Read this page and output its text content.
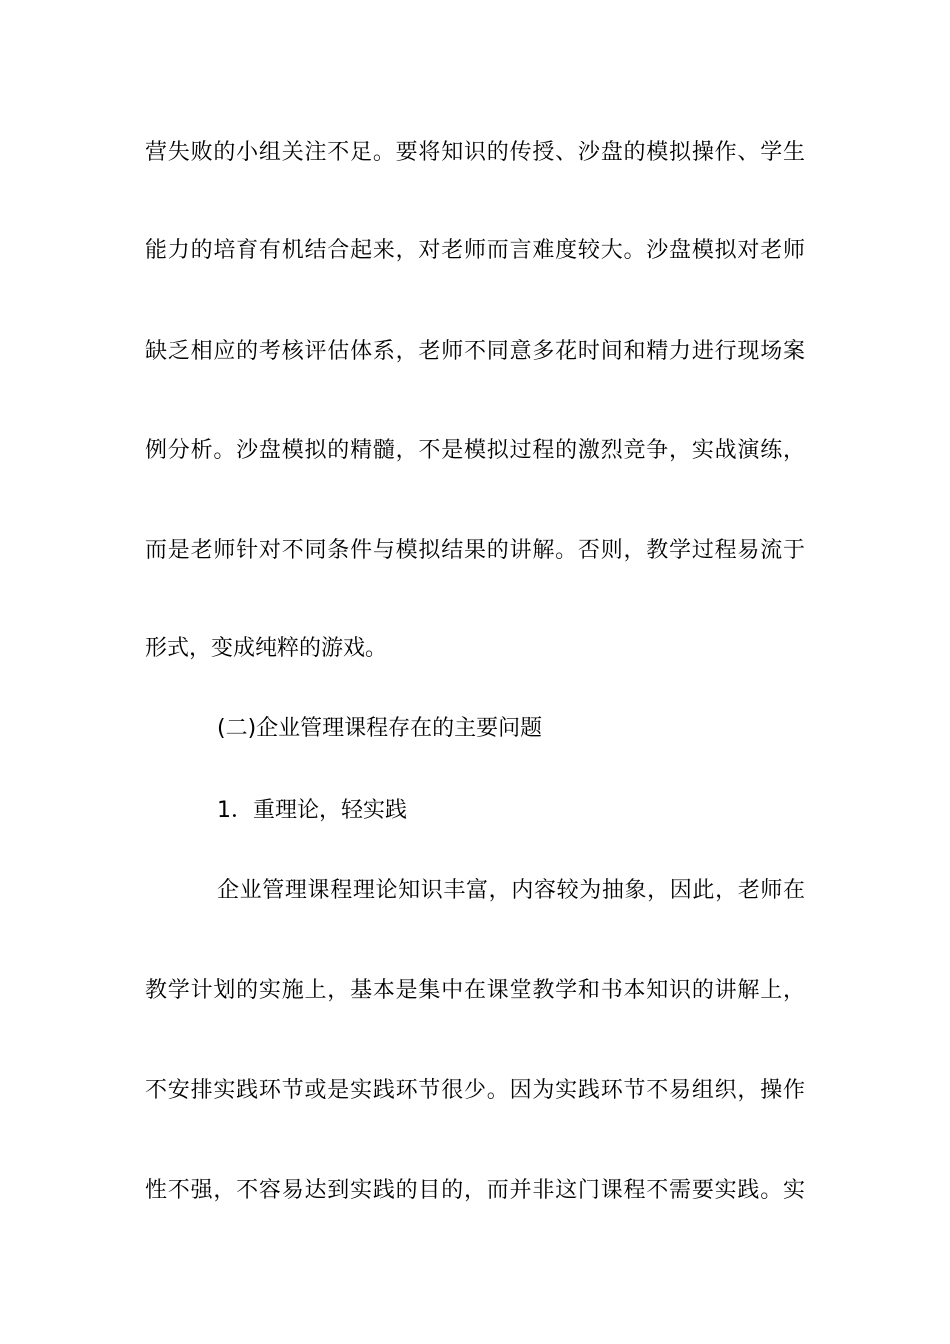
营失败的小组关注不足。要将知识的传授、沙盘的模拟操作、学生
能力的培育有机结合起来，对老师而言难度较大。沙盘模拟对老师
缺乏相应的考核评估体系，老师不同意多花时间和精力进行现场案
例分析。沙盘模拟的精髓，不是模拟过程的激烈竞争，实战演练，
而是老师针对不同条件与模拟结果的讲解。否则，教学过程易流于
形式，变成纯粹的游戏。
(二)企业管理课程存在的主要问题
1．重理论，轻实践
企业管理课程理论知识丰富，内容较为抽象，因此，老师在
教学计划的实施上，基本是集中在课堂教学和书本知识的讲解上，
不安排实践环节或是实践环节很少。因为实践环节不易组织，操作
性不强，不容易达到实践的目的，而并非这门课程不需要实践。实
